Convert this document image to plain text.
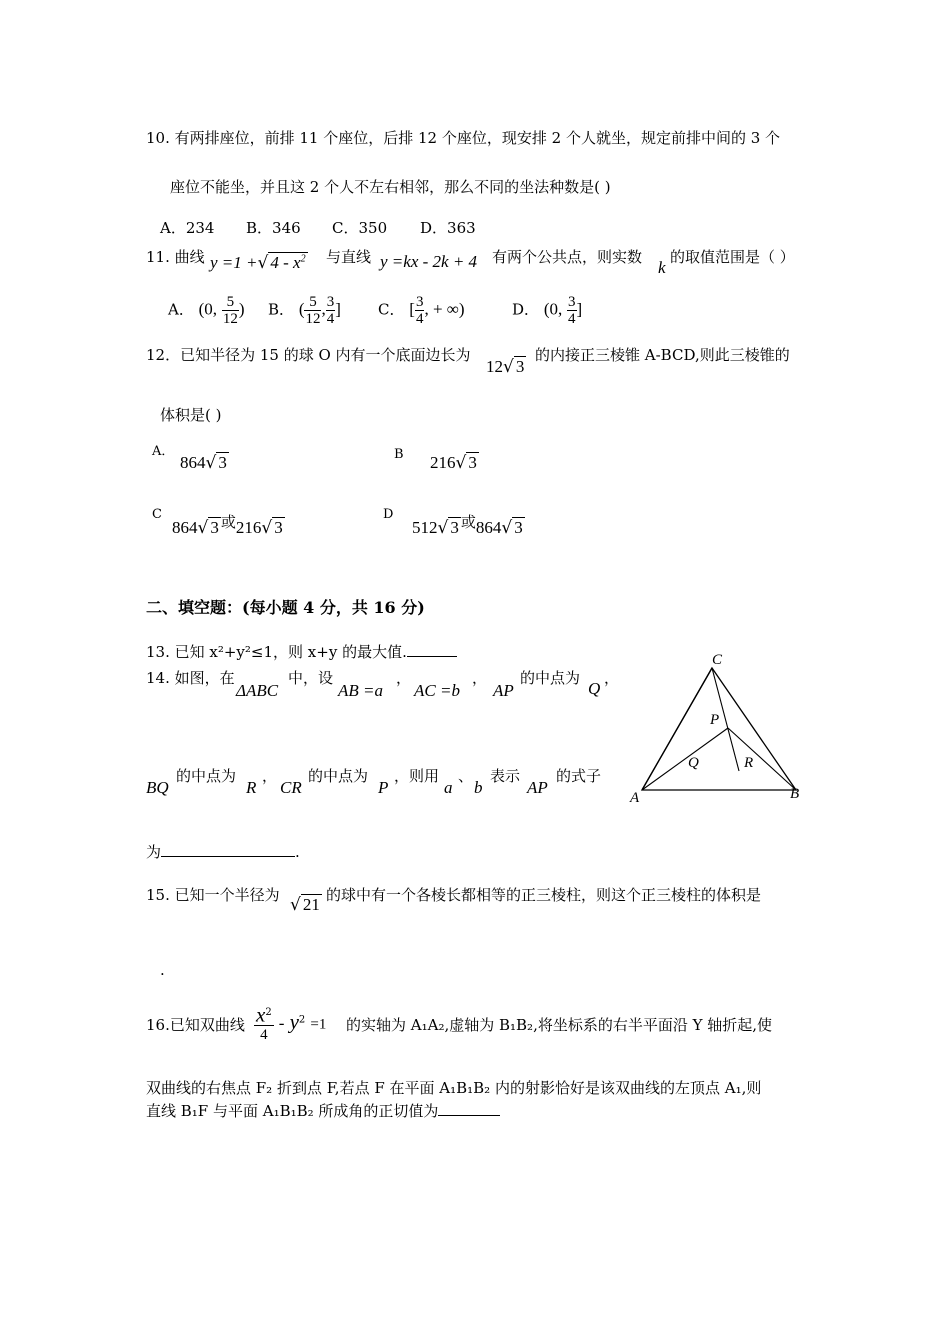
10. 有两排座位，前排 11 个座位，后排 12 个座位，现安排 2 个人就坐，规定前排中间的 3 个
座位不能坐，并且这 2 个人不左右相邻，那么不同的坐法种数是( )
A．234 B．346 C．350 D．363
11. 曲线 y =1 +√ $4 - x^2$ 与直线 y =kx - 2k + 4 有两个公共点，则实数
k
的取值范围是（ ）
A． (0, $\frac{5}{12}$ ) B． ( $\frac{5}{12}$ , $\frac{3}{4}$ ] C． [ $\frac{3}{4}$ , + ∞)	D． (0, $\frac{3}{4}$ ]
12．已知半径为 15 的球 O 内有一个底面边长为
12√ 3
的内接正三棱锥 A-BCD,则此三棱锥的
体积是( )
A．
864√ 3	B 216√ 3
C
864√ 3 或216√ 3
D
512√ 3 或864√ 3
二、填空题：(每小题 4 分，共 16 分)
13. 已知 x²+y²≤1，则 x+y 的最大值.
14. 如图，在
ΔABC
中，设
AB =a
，
AC =b
，
AP
的中点为
Q
，
BQ
的中点为
R
，
CR
的中点为
P
，则用
a
、
b
表示
AP
的式子
为	.
C
P
Q	R
A	B
15. 已知一个半径为 √ 21 的球中有一个各棱长都相等的正三棱柱，则这个正三棱柱的体积是
.
16.已知双曲线 $\frac{x^2}{4} - y^2 =1$ 的实轴为 A₁A₂,虚轴为 B₁B₂,将坐标系的右半平面沿 Y 轴折起,使
双曲线的右焦点 F₂ 折到点 F,若点 F 在平面 A₁B₁B₂ 内的射影恰好是该双曲线的左顶点 A₁,则
直线 B₁F 与平面 A₁B₁B₂ 所成角的正切值为
